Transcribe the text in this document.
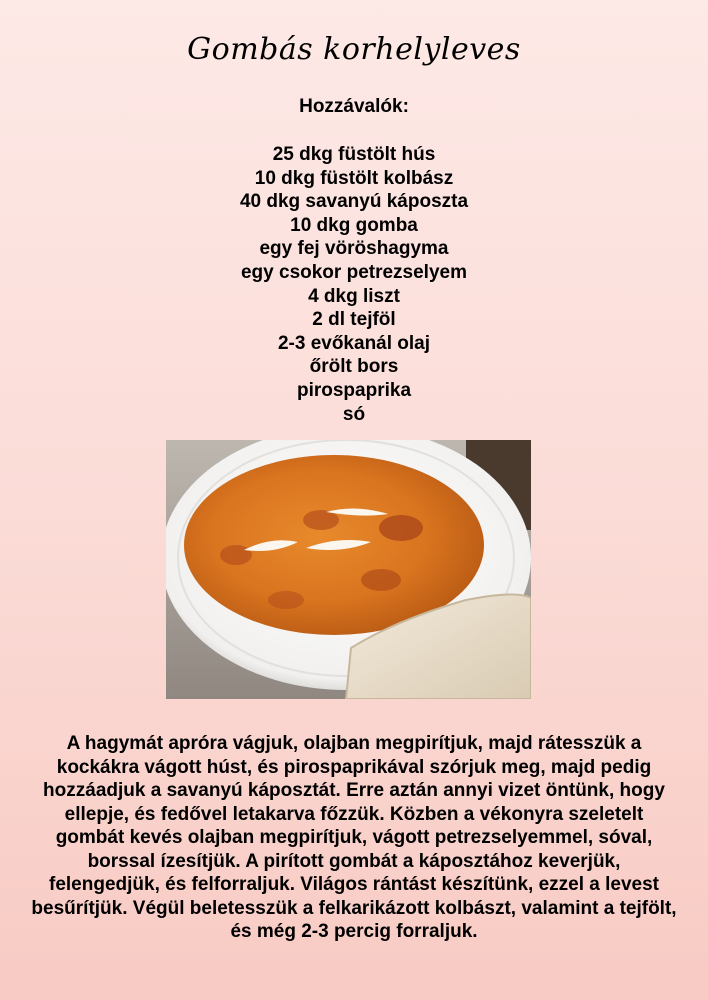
Gombás korhelyleves
Hozzávalók:
25 dkg füstölt hús
10 dkg füstölt kolbász
40 dkg savanyú káposzta
10 dkg gomba
egy fej vöröshagyma
egy csokor petrezselyem
4 dkg liszt
2 dl tejföl
2-3 evőkanál olaj
őrölt bors
pirospaprika
só

A hagymát apróra vágjuk, olajban megpirítjuk, majd rátesszük a kockákra vágott húst, és pirospaprikával szórjuk meg, majd pedig hozzáadjuk a savanyú káposztát. Erre aztán annyi vizet öntünk, hogy ellepje, és fedővel letakarva főzzük. Közben a vékonyra szeletelt gombát kevés olajban megpirítjuk, vágott petrezselyemmel, sóval, borssal ízesítjük. A pirított gombát a káposztához keverjük, felengedjük, és felforraljuk. Világos rántást készítünk, ezzel a levest besűrítjük. Végül beletesszük a felkarikázott kolbászt, valamint a tejfölt, és még 2-3 percig forraljuk.
